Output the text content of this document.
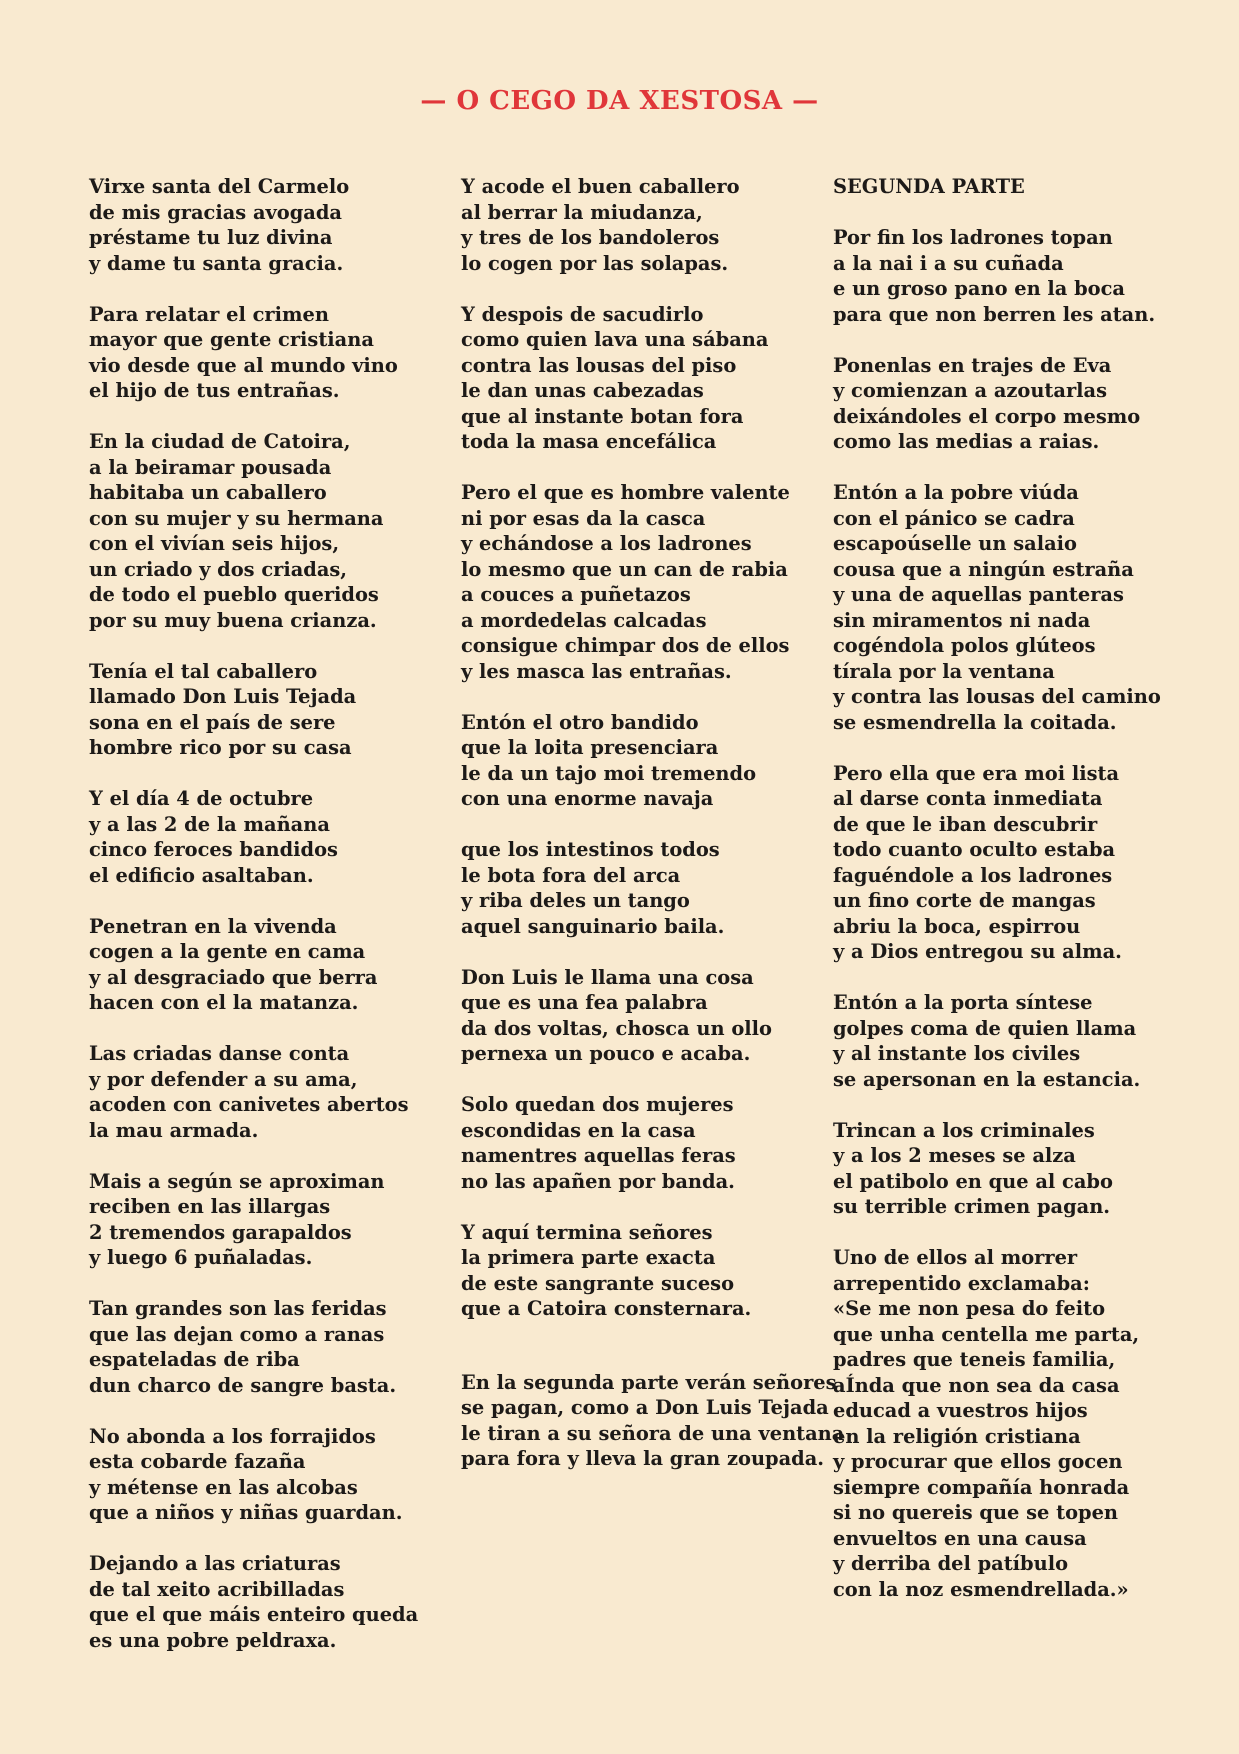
— O CEGO DA XESTOSA —
Virxe santa del Carmelo
de mis gracias avogada
préstame tu luz divina
y dame tu santa gracia.
Para relatar el crimen
mayor que gente cristiana
vio desde que al mundo vino
el hijo de tus entrañas.
En la ciudad de Catoira,
a la beiramar pousada
habitaba un caballero
con su mujer y su hermana
con el vivían seis hijos,
un criado y dos criadas,
de todo el pueblo queridos
por su muy buena crianza.
Tenía el tal caballero
llamado Don Luis Tejada
sona en el país de sere
hombre rico por su casa
Y el día 4 de octubre
y a las 2 de la mañana
cinco feroces bandidos
el edificio asaltaban.
Penetran en la vivenda
cogen a la gente en cama
y al desgraciado que berra
hacen con el la matanza.
Las criadas danse conta
y por defender a su ama,
acoden con canivetes abertos
la mau armada.
Mais a según se aproximan
reciben en las illargas
2 tremendos garapaldos
y luego 6 puñaladas.
Tan grandes son las feridas
que las dejan como a ranas
espateladas de riba
dun charco de sangre basta.
No abonda a los forrajidos
esta cobarde fazaña
y métense en las alcobas
que a niños y niñas guardan.
Dejando a las criaturas
de tal xeito acribilladas
que el que máis enteiro queda
es una pobre peldraxa.
Y acode el buen caballero
al berrar la miudanza,
y tres de los bandoleros
lo cogen por las solapas.
Y despois de sacudirlo
como quien lava una sábana
contra las lousas del piso
le dan unas cabezadas
que al instante botan fora
toda la masa encefálica
Pero el que es hombre valente
ni por esas da la casca
y echándose a los ladrones
lo mesmo que un can de rabia
a couces a puñetazos
a mordedelas calcadas
consigue chimpar dos de ellos
y les masca las entrañas.
Entón el otro bandido
que la loita presenciara
le da un tajo moi tremendo
con una enorme navaja
que los intestinos todos
le bota fora del arca
y riba deles un tango
aquel sanguinario baila.
Don Luis le llama una cosa
que es una fea palabra
da dos voltas, chosca un ollo
pernexa un pouco e acaba.
Solo quedan dos mujeres
escondidas en la casa
namentres aquellas feras
no las apañen por banda.
Y aquí termina señores
la primera parte exacta
de este sangrante suceso
que a Catoira consternara.
En la segunda parte verán señores
se pagan, como a Don Luis Tejada
le tiran a su señora de una ventana
para fora y lleva la gran zoupada.
SEGUNDA PARTE
Por fin los ladrones topan
a la nai i a su cuñada
e un groso pano en la boca
para que non berren les atan.
Ponenlas en trajes de Eva
y comienzan a azoutarlas
deixándoles el corpo mesmo
como las medias a raias.
Entón a la pobre viúda
con el pánico se cadra
escapoúselle un salaio
cousa que a ningún estraña
y una de aquellas panteras
sin miramentos ni nada
cogéndola polos glúteos
tírala por la ventana
y contra las lousas del camino
se esmendrella la coitada.
Pero ella que era moi lista
al darse conta inmediata
de que le iban descubrir
todo cuanto oculto estaba
faguéndole a los ladrones
un fino corte de mangas
abriu la boca, espirrou
y a Dios entregou su alma.
Entón a la porta síntese
golpes coma de quien llama
y al instante los civiles
se apersonan en la estancia.
Trincan a los criminales
y a los 2 meses se alza
el patibolo en que al cabo
su terrible crimen pagan.
Uno de ellos al morrer
arrepentido exclamaba:
«Se me non pesa do feito
que unha centella me parta,
padres que teneis familia,
aÍnda que non sea da casa
educad a vuestros hijos
en la religión cristiana
y procurar que ellos gocen
siempre compañía honrada
si no quereis que se topen
envueltos en una causa
y derriba del patíbulo
con la noz esmendrellada.»
